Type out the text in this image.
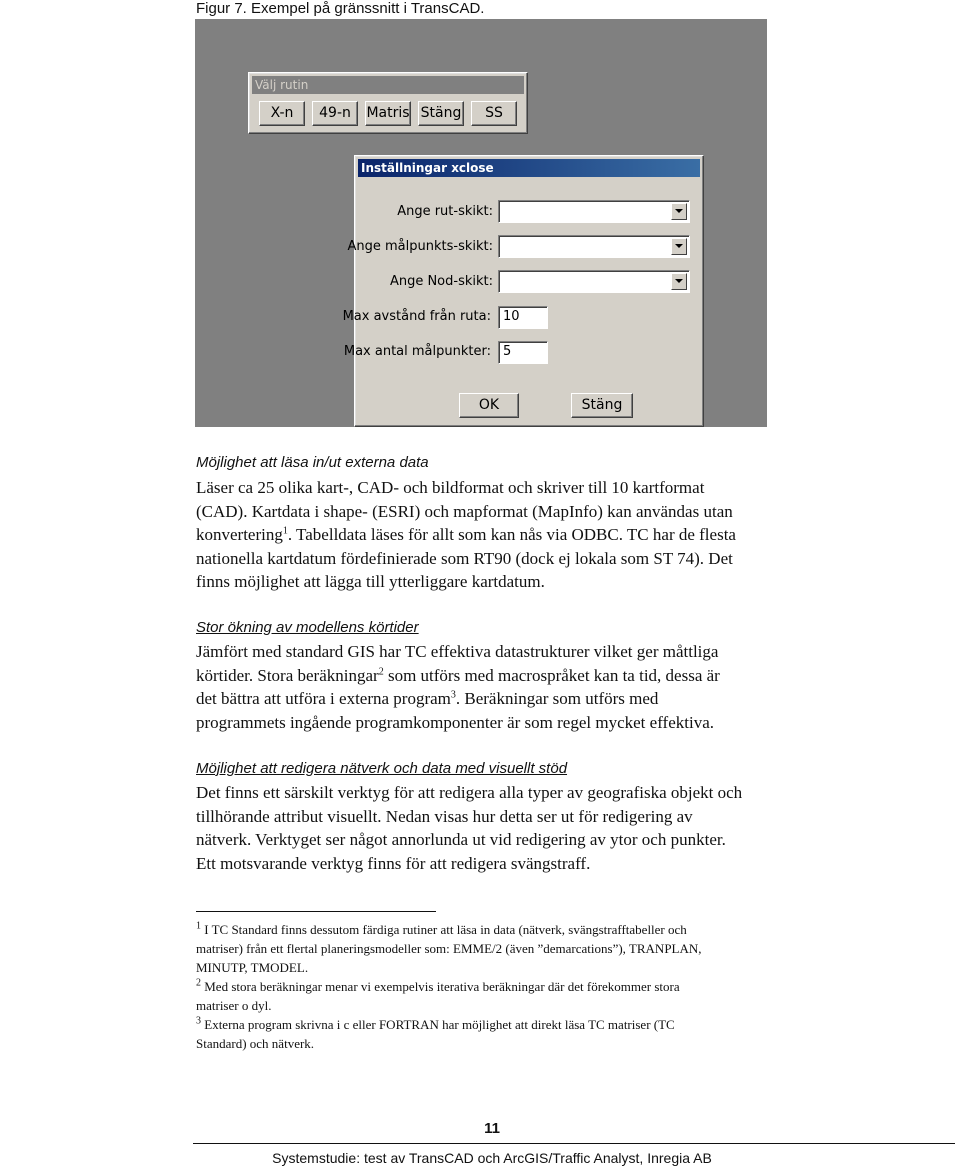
Figur 7. Exempel på gränssnitt i TransCAD.
Välj rutin
X-n	49-n	Matris Stäng	SS
Inställningar xclose
Ange rut-skikt:
Ange målpunkts-skikt:
Ange Nod-skikt:
Max avstånd från ruta: 10
Max antal målpunkter: 5
OK	Stäng
Möjlighet att läsa in/ut externa data
Läser ca 25 olika kart-, CAD- och bildformat och skriver till 10 kartformat
(CAD). Kartdata i shape- (ESRI) och mapformat (MapInfo) kan användas utan
konvertering$^1$. Tabelldata läses för allt som kan nås via ODBC. TC har de flesta
nationella kartdatum fördefinierade som RT90 (dock ej lokala som ST 74). Det
finns möjlighet att lägga till ytterliggare kartdatum.
Stor ökning av modellens körtider
Jämfört med standard GIS har TC effektiva datastrukturer vilket ger måttliga
körtider. Stora beräkningar$^2$ som utförs med macrospråket kan ta tid, dessa är
det bättra att utföra i externa program$^3$. Beräkningar som utförs med
programmets ingående programkomponenter är som regel mycket effektiva.
Möjlighet att redigera nätverk och data med visuellt stöd
Det finns ett särskilt verktyg för att redigera alla typer av geografiska objekt och
tillhörande attribut visuellt. Nedan visas hur detta ser ut för redigering av
nätverk. Verktyget ser något annorlunda ut vid redigering av ytor och punkter.
Ett motsvarande verktyg finns för att redigera svängstraff.
$^1$ I TC Standard finns dessutom färdiga rutiner att läsa in data (nätverk, svängstrafftabeller och
matriser) från ett flertal planeringsmodeller som: EMME/2 (även ”demarcations”), TRANPLAN,
MINUTP, TMODEL.
$^2$ Med stora beräkningar menar vi exempelvis iterativa beräkningar där det förekommer stora
matriser o dyl.
$^3$ Externa program skrivna i c eller FORTRAN har möjlighet att direkt läsa TC matriser (TC
Standard) och nätverk.
11
Systemstudie: test av TransCAD och ArcGIS/Traffic Analyst, Inregia AB
